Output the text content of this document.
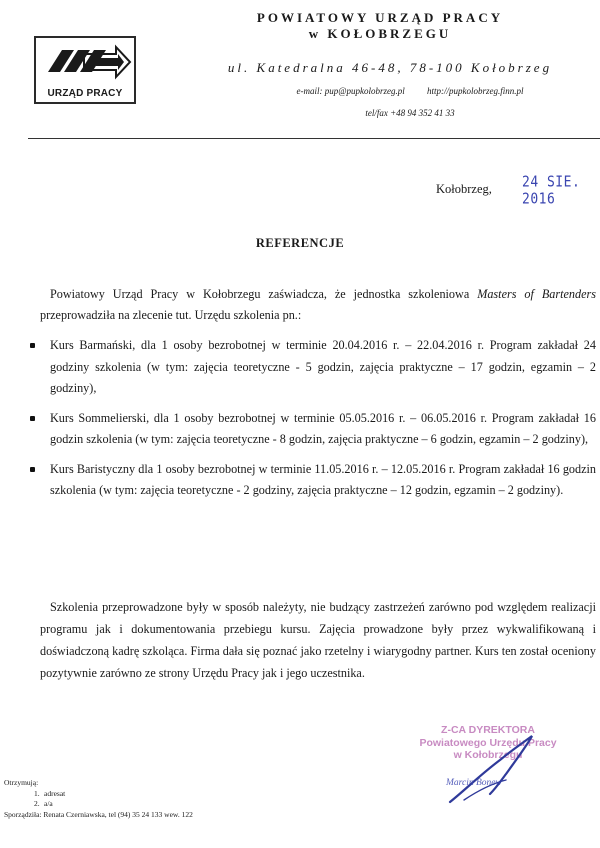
URZĄD PRACY
POWIATOWY URZĄD PRACY
w KOŁOBRZEGU
ul. Katedralna 46-48, 78-100 Kołobrzeg
e-mail: pup@pupkolobrzeg.pl http://pupkolobrzeg.finn.pl
tel/fax +48 94 352 41 33
Kołobrzeg, 24 SIE. 2016
REFERENCJE
Powiatowy Urząd Pracy w Kołobrzegu zaświadcza, że jednostka szkoleniowa Masters of Bartenders przeprowadziła na zlecenie tut. Urzędu szkolenia pn.:
Kurs Barmański, dla 1 osoby bezrobotnej w terminie 20.04.2016 r. – 22.04.2016 r. Program zakładał 24 godziny szkolenia (w tym: zajęcia teoretyczne - 5 godzin, zajęcia praktyczne – 17 godzin, egzamin – 2 godziny),
Kurs Sommelierski, dla 1 osoby bezrobotnej w terminie 05.05.2016 r. – 06.05.2016 r. Program zakładał 16 godzin szkolenia (w tym: zajęcia teoretyczne - 8 godzin, zajęcia praktyczne – 6 godzin, egzamin – 2 godziny),
Kurs Baristyczny dla 1 osoby bezrobotnej w terminie 11.05.2016 r. – 12.05.2016 r. Program zakładał 16 godzin szkolenia (w tym: zajęcia teoretyczne - 2 godziny, zajęcia praktyczne – 12 godzin, egzamin – 2 godziny).
Szkolenia przeprowadzone były w sposób należyty, nie budzący zastrzeżeń zarówno pod względem realizacji programu jak i dokumentowania przebiegu kursu. Zajęcia prowadzone były przez wykwalifikowaną i doświadczoną kadrę szkoląca. Firma dała się poznać jako rzetelny i wiarygodny partner. Kurs ten został oceniony pozytywnie zarówno ze strony Urzędu Pracy jak i jego uczestnika.
Z-CA DYREKTORA
Powiatowego Urzędu Pracy
w Kołobrzegu
Marcin Bonew
Otrzymują:
1. adresat
2. a/a
Sporządziła: Renata Czerniawska, tel (94) 35 24 133 wew. 122
